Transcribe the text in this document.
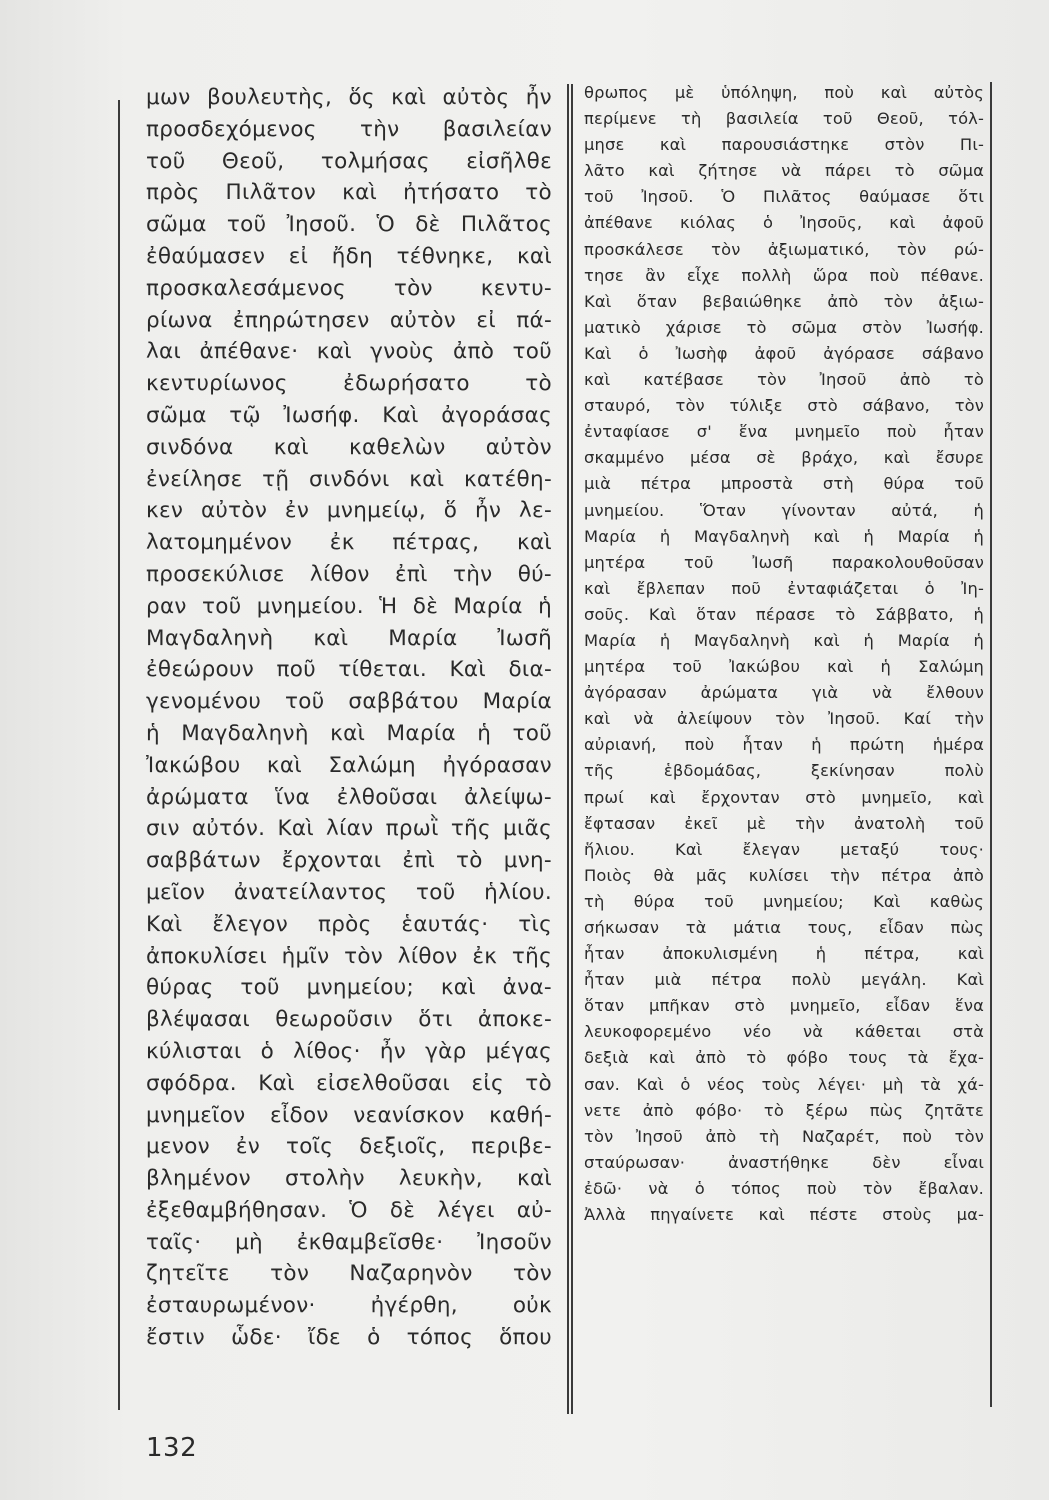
μων βουλευτὴς, ὅς καὶ αὐτὸς ἦν
προσδεχόμενος τὴν βασιλείαν
τοῦ Θεοῦ, τολμήσας εἰσῆλθε
πρὸς Πιλᾶτον καὶ ἠτήσατο τὸ
σῶμα τοῦ Ἰησοῦ. Ὁ δὲ Πιλᾶτος
ἐθαύμασεν εἰ ἤδη τέθνηκε, καὶ
προσκαλεσάμενος τὸν κεντυ-
ρίωνα ἐπηρώτησεν αὐτὸν εἰ πά-
λαι ἀπέθανε· καὶ γνοὺς ἀπὸ τοῦ
κεντυρίωνος ἐδωρήσατο τὸ
σῶμα τῷ Ἰωσήφ. Καὶ ἀγοράσας
σινδόνα καὶ καθελὼν αὐτὸν
ἐνείλησε τῇ σινδόνι καὶ κατέθη-
κεν αὐτὸν ἐν μνημείῳ, ὅ ἦν λε-
λατομημένον ἐκ πέτρας, καὶ
προσεκύλισε λίθον ἐπὶ τὴν θύ-
ραν τοῦ μνημείου. Ἡ δὲ Μαρία ἡ
Μαγδαληνὴ καὶ Μαρία Ἰωσῆ
ἐθεώρουν ποῦ τίθεται. Καὶ δια-
γενομένου τοῦ σαββάτου Μαρία
ἡ Μαγδαληνὴ καὶ Μαρία ἡ τοῦ
Ἰακώβου καὶ Σαλώμη ἠγόρασαν
ἀρώματα ἵνα ἐλθοῦσαι ἀλείψω-
σιν αὐτόν. Καὶ λίαν πρωῒ τῆς μιᾶς
σαββάτων ἔρχονται ἐπὶ τὸ μνη-
μεῖον ἀνατείλαντος τοῦ ἡλίου.
Καὶ ἔλεγον πρὸς ἑαυτάς· τὶς
ἀποκυλίσει ἡμῖν τὸν λίθον ἐκ τῆς
θύρας τοῦ μνημείου; καὶ ἀνα-
βλέψασαι θεωροῦσιν ὅτι ἀποκε-
κύλισται ὁ λίθος· ἦν γὰρ μέγας
σφόδρα. Καὶ εἰσελθοῦσαι εἰς τὸ
μνημεῖον εἶδον νεανίσκον καθή-
μενον ἐν τοῖς δεξιοῖς, περιβε-
βλημένον στολὴν λευκὴν, καὶ
ἐξεθαμβήθησαν. Ὁ δὲ λέγει αὐ-
ταῖς· μὴ ἐκθαμβεῖσθε· Ἰησοῦν
ζητεῖτε τὸν Ναζαρηνὸν τὸν
ἐσταυρωμένον· ἠγέρθη, οὐκ
ἔστιν ὧδε· ἴδε ὁ τόπος ὅπου
θρωπος μὲ ὑπόληψη, ποὺ καὶ αὐτὸς
περίμενε τὴ βασιλεία τοῦ Θεοῦ, τόλ-
μησε καὶ παρουσιάστηκε στὸν Πι-
λᾶτο καὶ ζήτησε νὰ πάρει τὸ σῶμα
τοῦ Ἰησοῦ. Ὁ Πιλᾶτος θαύμασε ὅτι
ἀπέθανε κιόλας ὁ Ἰησοῦς, καὶ ἀφοῦ
προσκάλεσε τὸν ἀξιωματικό, τὸν ρώ-
τησε ἂν εἶχε πολλὴ ὥρα ποὺ πέθανε.
Καὶ ὅταν βεβαιώθηκε ἀπὸ τὸν ἀξιω-
ματικὸ χάρισε τὸ σῶμα στὸν Ἰωσήφ.
Καὶ ὁ Ἰωσὴφ ἀφοῦ ἀγόρασε σάβανο
καὶ κατέβασε τὸν Ἰησοῦ ἀπὸ τὸ
σταυρό, τὸν τύλιξε στὸ σάβανο, τὸν
ἐνταφίασε σ' ἕνα μνημεῖο ποὺ ἦταν
σκαμμένο μέσα σὲ βράχο, καὶ ἔσυρε
μιὰ πέτρα μπροστὰ στὴ θύρα τοῦ
μνημείου. Ὅταν γίνονταν αὐτά, ἡ
Μαρία ἡ Μαγδαληνὴ καὶ ἡ Μαρία ἡ
μητέρα τοῦ Ἰωσῆ παρακολουθοῦσαν
καὶ ἔβλεπαν ποῦ ἐνταφιάζεται ὁ Ἰη-
σοῦς. Καὶ ὅταν πέρασε τὸ Σάββατο, ἡ
Μαρία ἡ Μαγδαληνὴ καὶ ἡ Μαρία ἡ
μητέρα τοῦ Ἰακώβου καὶ ἡ Σαλώμη
ἀγόρασαν ἀρώματα γιὰ νὰ ἔλθουν
καὶ νὰ ἀλείψουν τὸν Ἰησοῦ. Καί τὴν
αὐριανή, ποὺ ἦταν ἡ πρώτη ἡμέρα
τῆς ἑβδομάδας, ξεκίνησαν πολὺ
πρωί καὶ ἔρχονταν στὸ μνημεῖο, καὶ
ἔφτασαν ἐκεῖ μὲ τὴν ἀνατολὴ τοῦ
ἥλιου. Καὶ ἔλεγαν μεταξύ τους·
Ποιὸς θὰ μᾶς κυλίσει τὴν πέτρα ἀπὸ
τὴ θύρα τοῦ μνημείου; Καὶ καθὼς
σήκωσαν τὰ μάτια τους, εἶδαν πὼς
ἦταν ἀποκυλισμένη ἡ πέτρα, καὶ
ἦταν μιὰ πέτρα πολὺ μεγάλη. Καὶ
ὅταν μπῆκαν στὸ μνημεῖο, εἶδαν ἕνα
λευκοφορεμένο νέο νὰ κάθεται στὰ
δεξιὰ καὶ ἀπὸ τὸ φόβο τους τὰ ἔχα-
σαν. Καὶ ὁ νέος τοὺς λέγει· μὴ τὰ χά-
νετε ἀπὸ φόβο· τὸ ξέρω πὼς ζητᾶτε
τὸν Ἰησοῦ ἀπὸ τὴ Ναζαρέτ, ποὺ τὸν
σταύρωσαν· ἀναστήθηκε δὲν εἶναι
ἐδῶ· νὰ ὁ τόπος ποὺ τὸν ἔβαλαν.
Ἀλλὰ πηγαίνετε καὶ πέστε στοὺς μα-
132
